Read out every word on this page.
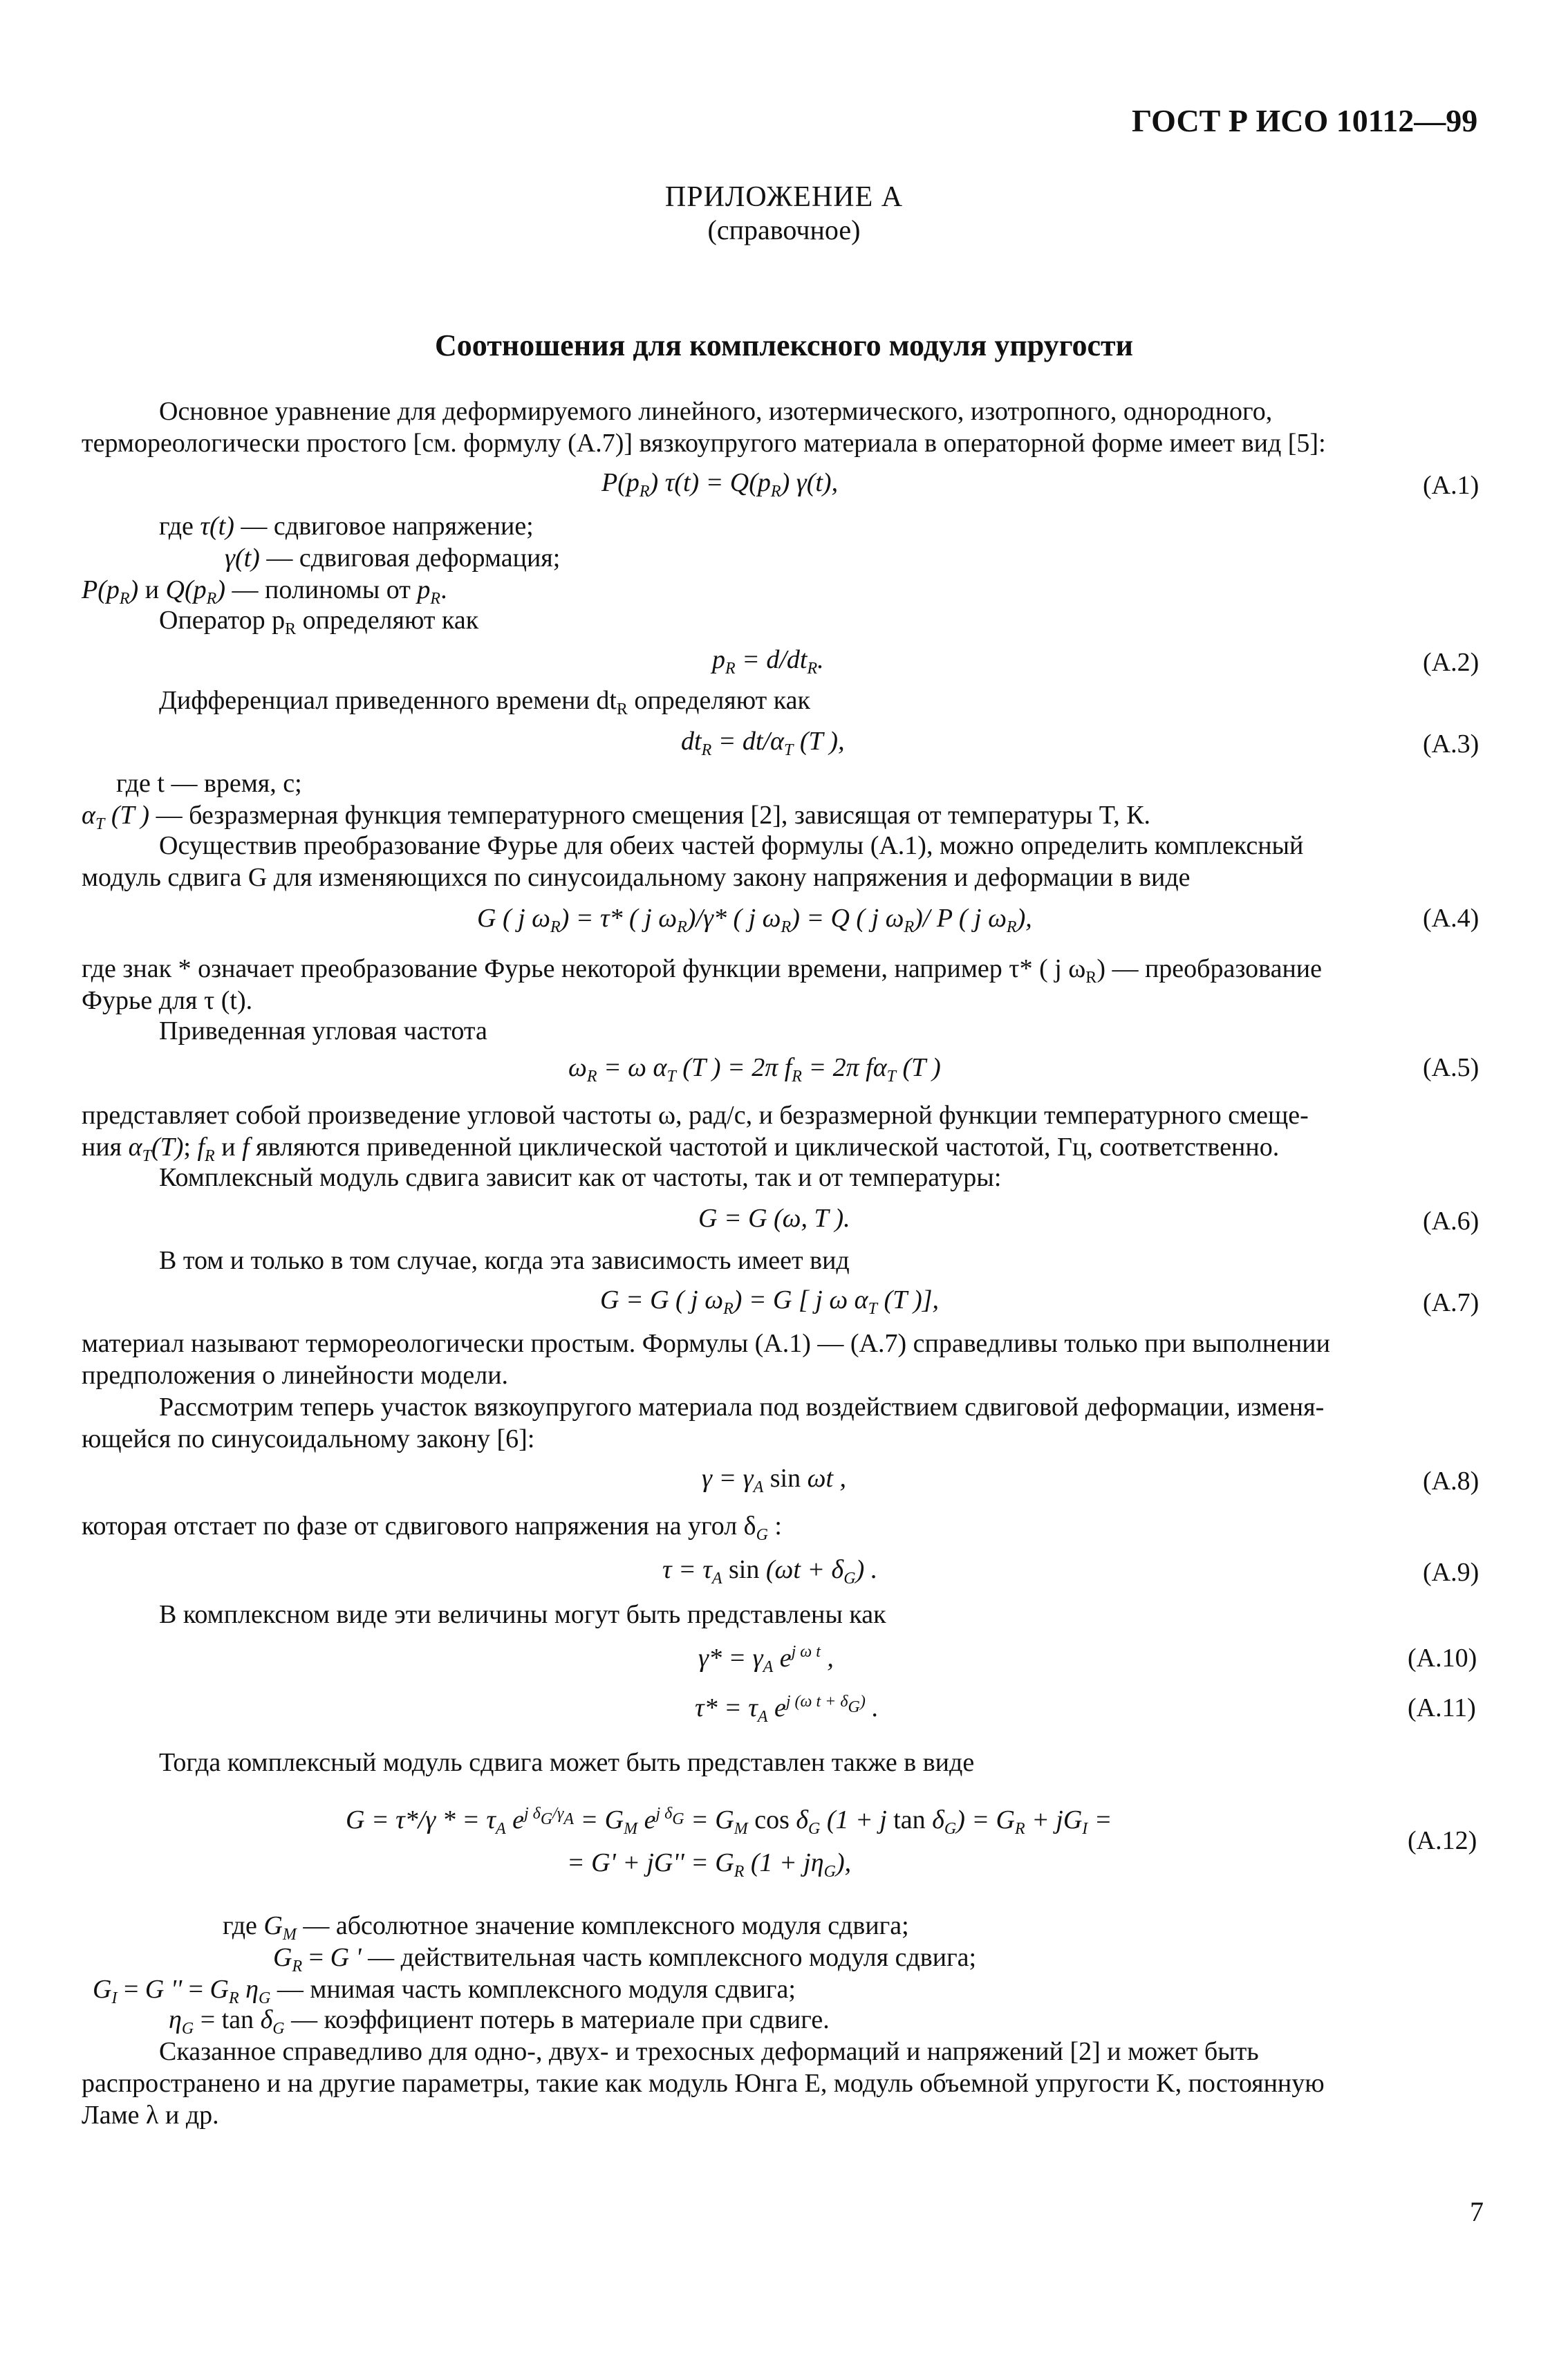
ГОСТ Р ИСО 10112—99
ПРИЛОЖЕНИЕ А
(справочное)
Соотношения для комплексного модуля упругости
Основное уравнение для деформируемого линейного, изотермического, изотропного, однородного,
термореологически простого [см. формулу (А.7)] вязкоупругого материала в операторной форме имеет вид [5]:
$P(p_R) \tau(t) = Q(p_R)$ γ(t),	(А.1)
где τ(t) — сдвиговое напряжение;
γ(t) — сдвиговая деформация;
$P(p_R)$ и $Q(p_R)$ — полиномы от $p_R$.
Оператор $p_R$ определяют как
$p_R = d/dt_R$.	(А.2)
Дифференциал приведенного времени $dt_R$ определяют как
$dt_R = dt/\alpha_T$ (T ),	(А.3)
где t — время, с;
$\alpha_T$ (T ) — безразмерная функция температурного смещения [2], зависящая от температуры T, К.
Осуществив преобразование Фурье для обеих частей формулы (А.1), можно определить комплексный
модуль сдвига G для изменяющихся по синусоидальному закону напряжения и деформации в виде
G ( j $\omega_R) = \tau*$ ( j $\omega_R)/\gamma*$ ( j $\omega_R) = Q$ ( j $\omega_R)/$ P ( j $\omega_R$),	(А.4)
где знак * означает преобразование Фурье некоторой функции времени, например τ* ( j $\omega_R$) — преобразование
Фурье для τ (t).
Приведенная угловая частота
$\omega_R = \omega$ $\alpha_T$ (T ) = 2π $f_R = 2\pi$ $f\alpha_T$ (T )	(А.5)
представляет собой произведение угловой частоты ω, рад/с, и безразмерной функции температурного смеще-
ния $\alpha_T(T)$; $f_R$ и f являются приведенной циклической частотой и циклической частотой, Гц, соответственно.
Комплексный модуль сдвига зависит как от частоты, так и от температуры:
G = G (ω, T ).	(А.6)
В том и только в том случае, когда эта зависимость имеет вид
G = G ( j $\omega_R) = G$ [ j ω $\alpha_T$ (T )],	(А.7)
материал называют термореологически простым. Формулы (А.1) — (А.7) справедливы только при выполнении
предположения о линейности модели.
Рассмотрим теперь участок вязкоупругого материала под воздействием сдвиговой деформации, изменя-
ющейся по синусоидальному закону [6]:
$\gamma = \gamma_A$ sin ωt ,	(А.8)
которая отстает по фазе от сдвигового напряжения на угол $\delta_G$ :
$\tau = \tau_A$ $\sin (\omega t + \delta_G)$ .	(А.9)
В комплексном виде эти величины могут быть представлены как
$\gamma* = \gamma_A$ $e^{j \omega t}$ ,	(А.10)
$\tau* = \tau_A$ $e^{j (\omega t + \delta_G)}$ .	(А.11)
Тогда комплексный модуль сдвига может быть представлен также в виде
G = τ*/γ * = $\tau_A$ $e^{j \delta_G/\gamma_A} = G_M$ $e^{j \delta_G} = G_M$ $\cos \delta_G$ (1 + j $\tan \delta_G) = G_R + jG_I$ =
= $G' + jG'' = G_R$ $(1 + j\eta_G)$,
(А.12)
где $G_M$ — абсолютное значение комплексного модуля сдвига;
$G_R = G$ ' — действительная часть комплексного модуля сдвига;
$G_I = G$ '' = $G_R$ $\eta_G$ — мнимая часть комплексного модуля сдвига;
$\eta_G = \tan \delta_G$ — коэффициент потерь в материале при сдвиге.
Сказанное справедливо для одно-, двух- и трехосных деформаций и напряжений [2] и может быть
распространено и на другие параметры, такие как модуль Юнга E, модуль объемной упругости K, постоянную
Ламе λ и др.
7
